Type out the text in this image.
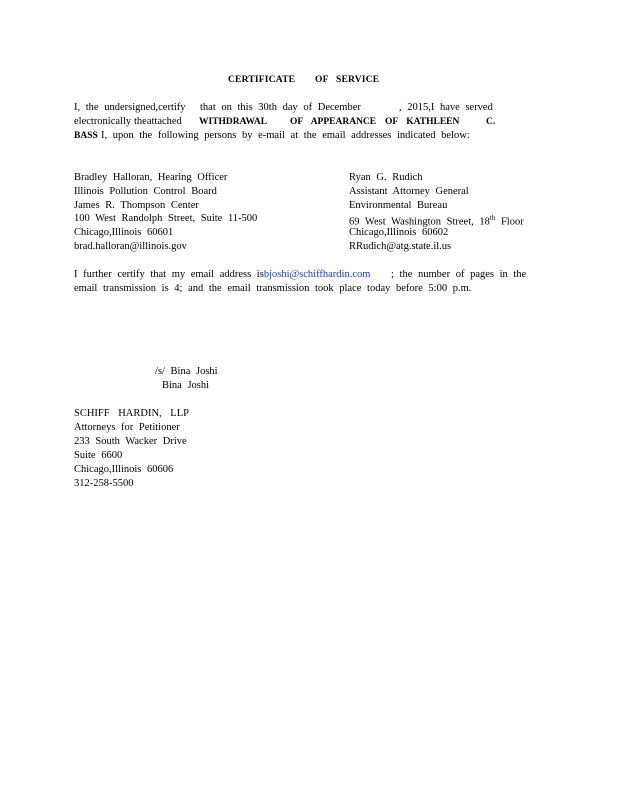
CERTIFICATE OF SERVICE
I, the undersigned,certify that on this 30th day of December	, 2015,I have served
electronically theattached WITHDRAWAL OF APPEARANCE OF KATHLEEN	C.
BASS I, upon the following persons by e-mail at the email addresses indicated below:
Bradley Halloran, Hearing Officer
Illinois Pollution Control Board
James R. Thompson Center
100 West Randolph Street, Suite 11-500
Chicago,Illinois 60601
brad.halloran@illinois.gov
Ryan G. Rudich
Assistant Attorney General
Environmental Bureau
69 West Washington Street, 18th Floor
Chicago,Illinois 60602
RRudich@atg.state.il.us
I further certify that my email address isbjoshi@schiffhardin.com ; the number of pages in the
email transmission is 4; and the email transmission took place today before 5:00 p.m.
/s/ Bina Joshi
Bina Joshi
SCHIFF HARDIN, LLP
Attorneys for Petitioner
233 South Wacker Drive
Suite 6600
Chicago,Illinois 60606
312-258-5500
